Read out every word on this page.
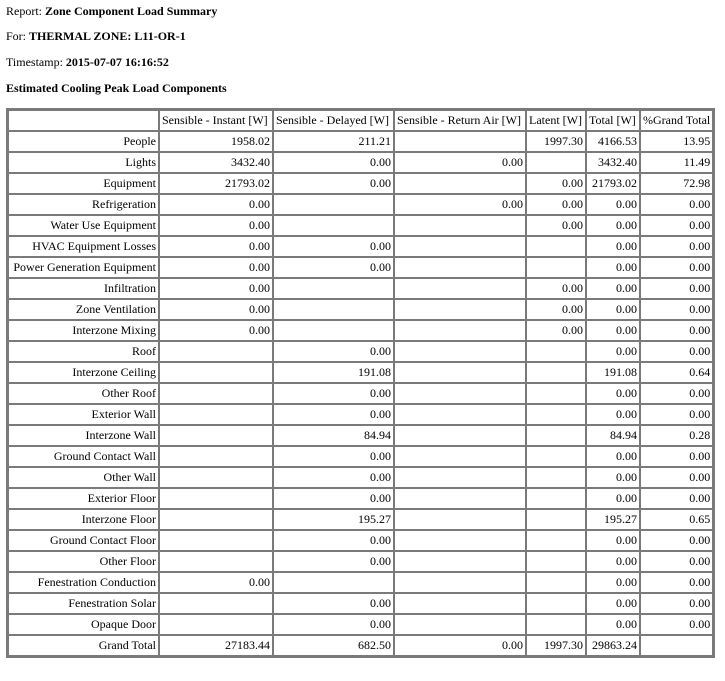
Report: Zone Component Load Summary
For: THERMAL ZONE: L11-OR-1
Timestamp: 2015-07-07 16:16:52
Estimated Cooling Peak Load Components
	Sensible - Instant [W]	Sensible - Delayed [W]	Sensible - Return Air [W]	Latent [W]	Total [W]	%Grand Total
People	1958.02	211.21		1997.30	4166.53	13.95
Lights	3432.40	0.00	0.00		3432.40	11.49
Equipment	21793.02	0.00		0.00	21793.02	72.98
Refrigeration	0.00		0.00	0.00	0.00	0.00
Water Use Equipment	0.00			0.00	0.00	0.00
HVAC Equipment Losses	0.00	0.00			0.00	0.00
Power Generation Equipment	0.00	0.00			0.00	0.00
Infiltration	0.00			0.00	0.00	0.00
Zone Ventilation	0.00			0.00	0.00	0.00
Interzone Mixing	0.00			0.00	0.00	0.00
Roof		0.00			0.00	0.00
Interzone Ceiling		191.08			191.08	0.64
Other Roof		0.00			0.00	0.00
Exterior Wall		0.00			0.00	0.00
Interzone Wall		84.94			84.94	0.28
Ground Contact Wall		0.00			0.00	0.00
Other Wall		0.00			0.00	0.00
Exterior Floor		0.00			0.00	0.00
Interzone Floor		195.27			195.27	0.65
Ground Contact Floor		0.00			0.00	0.00
Other Floor		0.00			0.00	0.00
Fenestration Conduction	0.00				0.00	0.00
Fenestration Solar		0.00			0.00	0.00
Opaque Door		0.00			0.00	0.00
Grand Total	27183.44	682.50	0.00	1997.30	29863.24	
